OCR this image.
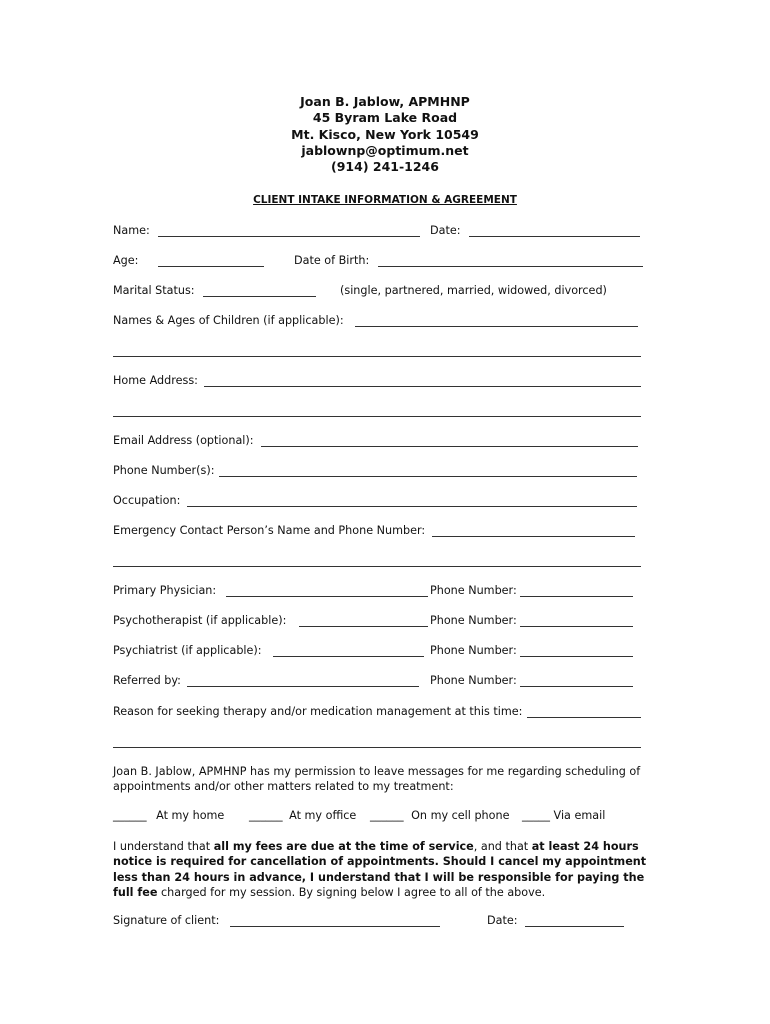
Joan B. Jablow, APMHNP
45 Byram Lake Road
Mt. Kisco, New York 10549
jablownp@optimum.net
(914) 241-1246
CLIENT INTAKE INFORMATION & AGREEMENT
Name:	Date:
Age:	Date of Birth:
Marital Status:	(single, partnered, married, widowed, divorced)
Names & Ages of Children (if applicable):
Home Address:
Email Address (optional):
Phone Number(s):
Occupation:
Emergency Contact Person’s Name and Phone Number:
Primary Physician:	Phone Number:
Psychotherapist (if applicable):	Phone Number:
Psychiatrist (if applicable):	Phone Number:
Referred by:	Phone Number:
Reason for seeking therapy and/or medication management at this time:
Joan B. Jablow, APMHNP has my permission to leave messages for me regarding scheduling of appointments and/or other matters related to my treatment:
______ At my home ______ At my office ______ On my cell phone _____ Via email
I understand that all my fees are due at the time of service, and that at least 24 hours notice is required for cancellation of appointments. Should I cancel my appointment less than 24 hours in advance, I understand that I will be responsible for paying the full fee charged for my session. By signing below I agree to all of the above.
Signature of client:	Date:
